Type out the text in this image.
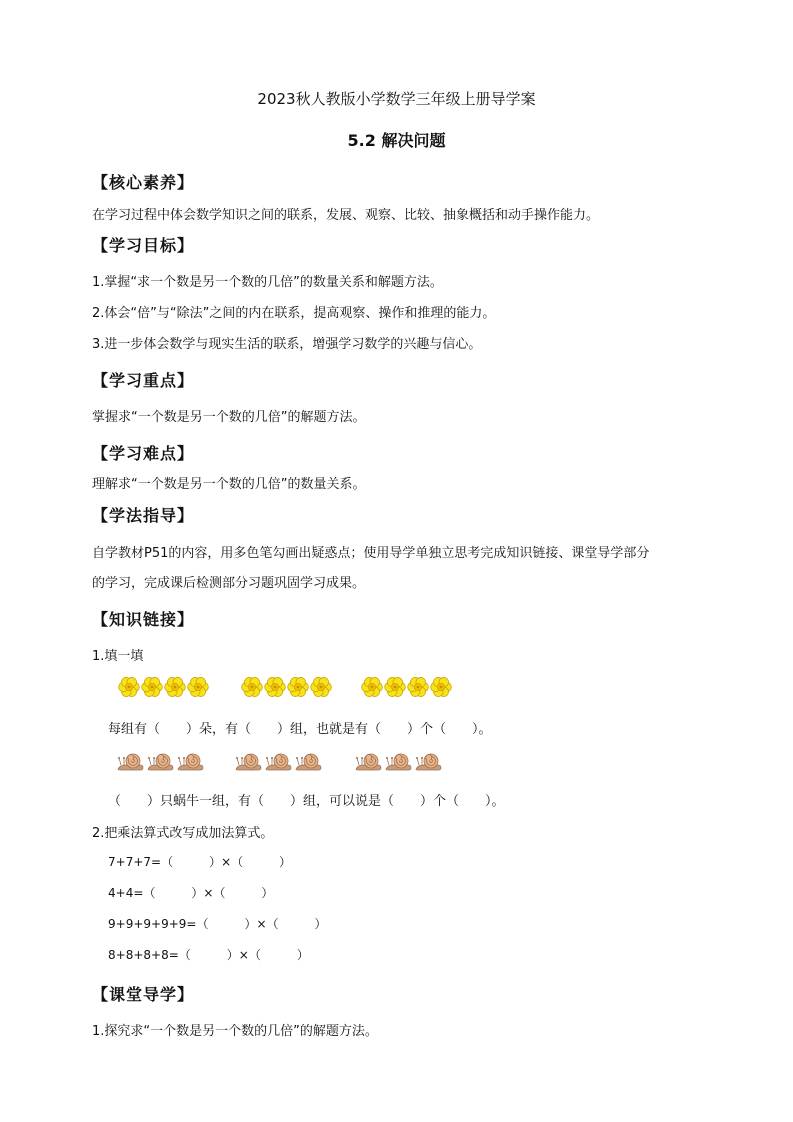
2023秋人教版小学数学三年级上册导学案
5.2 解决问题
【核心素养】
在学习过程中体会数学知识之间的联系，发展、观察、比较、抽象概括和动手操作能力。
【学习目标】
1.掌握“求一个数是另一个数的几倍”的数量关系和解题方法。
2.体会“倍”与“除法”之间的内在联系，提高观察、操作和推理的能力。
3.进一步体会数学与现实生活的联系，增强学习数学的兴趣与信心。
【学习重点】
掌握求“一个数是另一个数的几倍”的解题方法。
【学习难点】
理解求“一个数是另一个数的几倍”的数量关系。
【学法指导】
自学教材P51的内容，用多色笔勾画出疑惑点；使用导学单独立思考完成知识链接、课堂导学部分
的学习，完成课后检测部分习题巩固学习成果。
【知识链接】
1.填一填
每组有（　　）朵，有（　　）组，也就是有（　　）个（　　）。
（　　）只蜗牛一组，有（　　）组，可以说是（　　）个（　　）。
2.把乘法算式改写成加法算式。
7+7+7=（　　　）×（　　　）
4+4=（　　　）×（　　　）
9+9+9+9+9=（　　　）×（　　　）
8+8+8+8=（　　　）×（　　　）
【课堂导学】
1.探究求“一个数是另一个数的几倍”的解题方法。
